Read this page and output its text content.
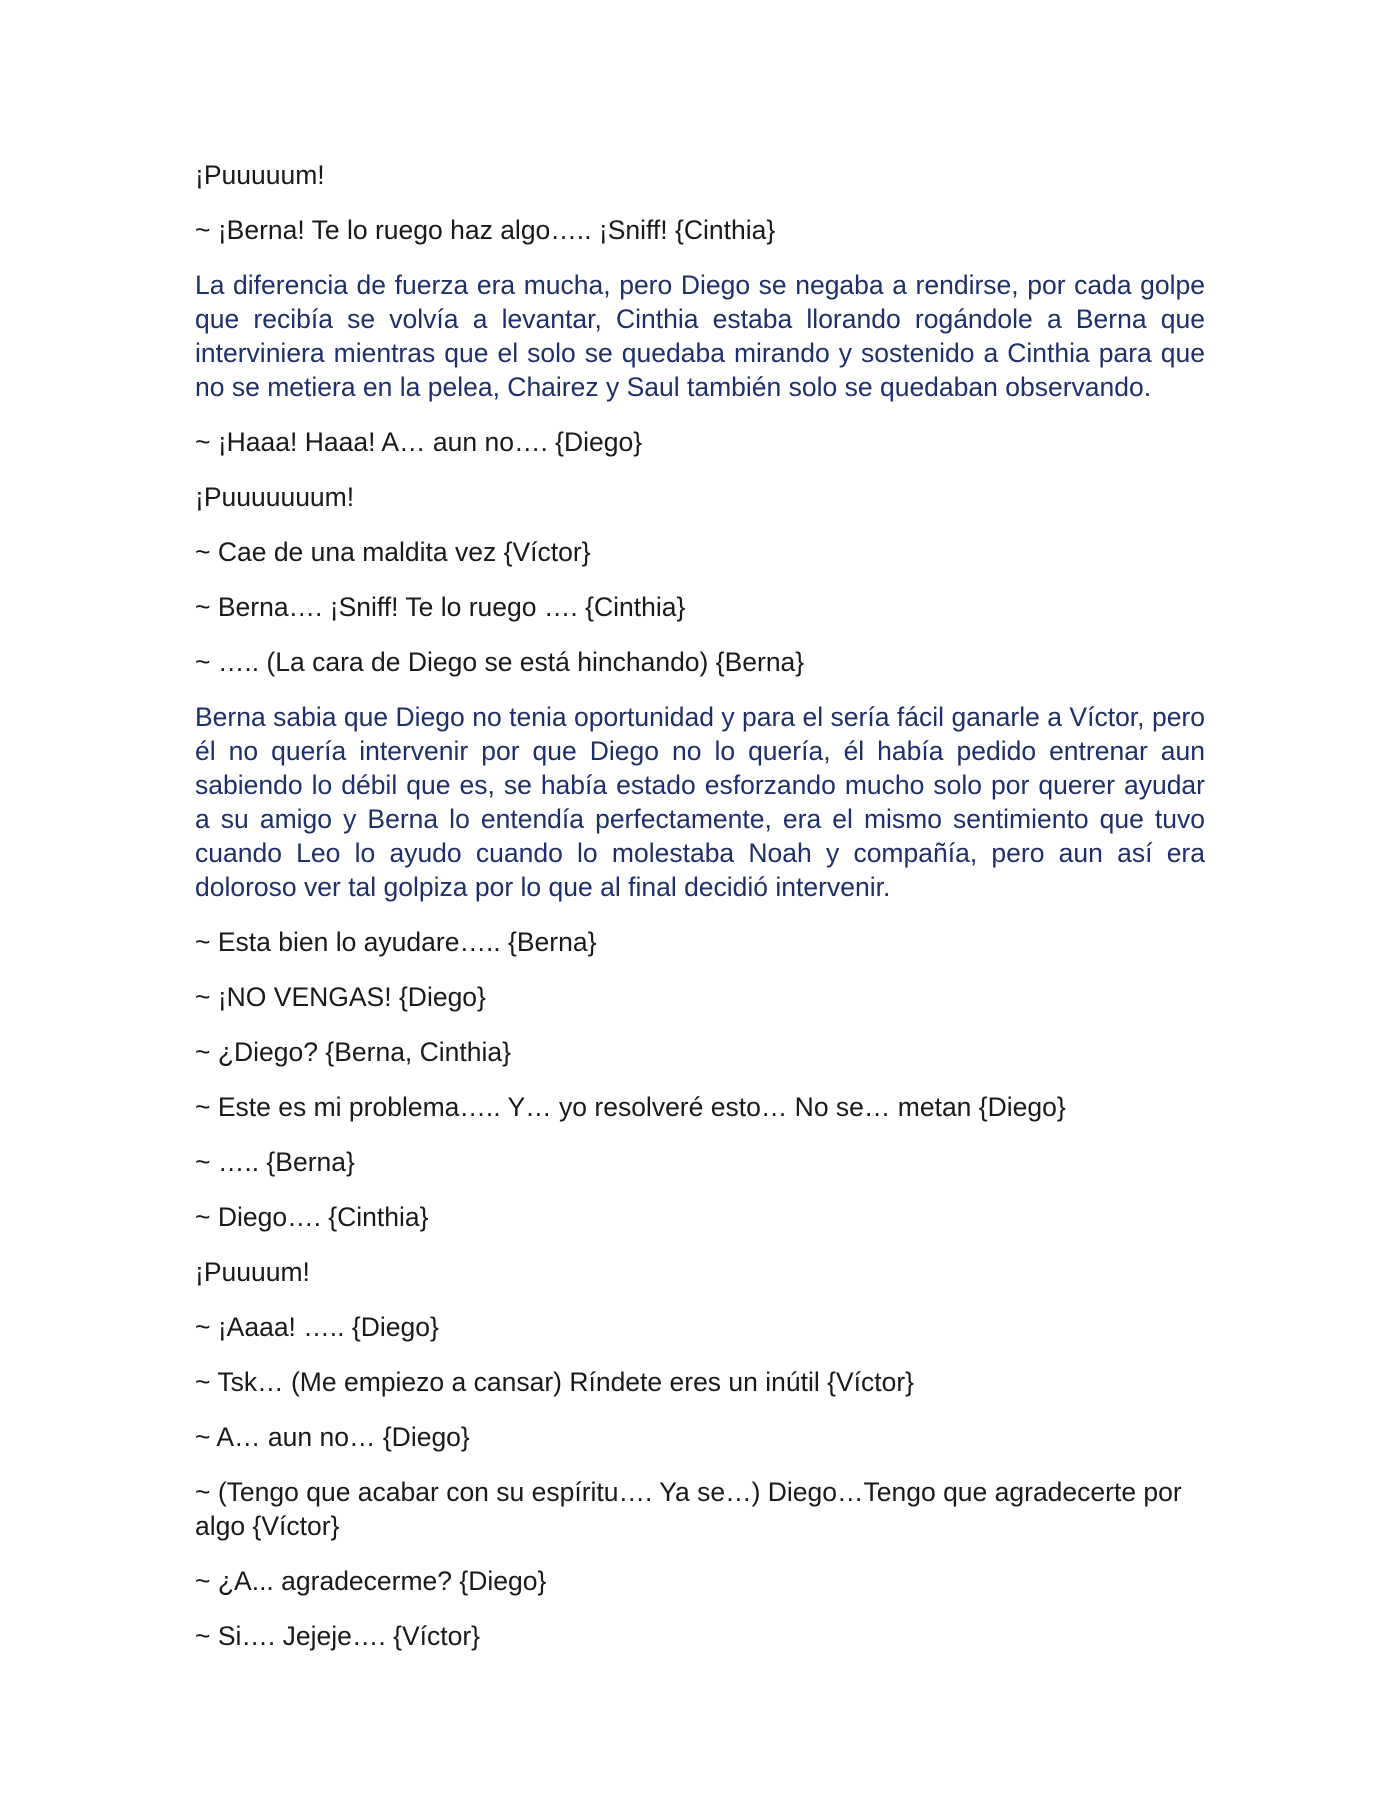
¡Puuuuum!

~ ¡Berna! Te lo ruego haz algo….. ¡Sniff! {Cinthia}

La diferencia de fuerza era mucha, pero Diego se negaba a rendirse, por cada golpe que recibía se volvía a levantar, Cinthia estaba llorando rogándole a Berna que interviniera mientras que el solo se quedaba mirando y sostenido a Cinthia para que no se metiera en la pelea, Chairez y Saul también solo se quedaban observando.

~ ¡Haaa! Haaa! A… aun no…. {Diego}

¡Puuuuuuum!

~ Cae de una maldita vez {Víctor}

~ Berna…. ¡Sniff! Te lo ruego …. {Cinthia}

~ ….. (La cara de Diego se está hinchando) {Berna}

Berna sabia que Diego no tenia oportunidad y para el sería fácil ganarle a Víctor, pero él no quería intervenir por que Diego no lo quería, él había pedido entrenar aun sabiendo lo débil que es, se había estado esforzando mucho solo por querer ayudar a su amigo y Berna lo entendía perfectamente, era el mismo sentimiento que tuvo cuando Leo lo ayudo cuando lo molestaba Noah y compañía, pero aun así era doloroso ver tal golpiza por lo que al final decidió intervenir.

~ Esta bien lo ayudare….. {Berna}

~ ¡NO VENGAS! {Diego}

~ ¿Diego? {Berna, Cinthia}

~ Este es mi problema….. Y… yo resolveré esto… No se… metan {Diego}

~ ….. {Berna}

~ Diego…. {Cinthia}

¡Puuuum!

~ ¡Aaaa! ….. {Diego}

~ Tsk… (Me empiezo a cansar) Ríndete eres un inútil {Víctor}

~ A… aun no… {Diego}

~ (Tengo que acabar con su espíritu…. Ya se…) Diego…Tengo que agradecerte por algo {Víctor}

~ ¿A... agradecerme? {Diego}

~ Si…. Jejeje…. {Víctor}
